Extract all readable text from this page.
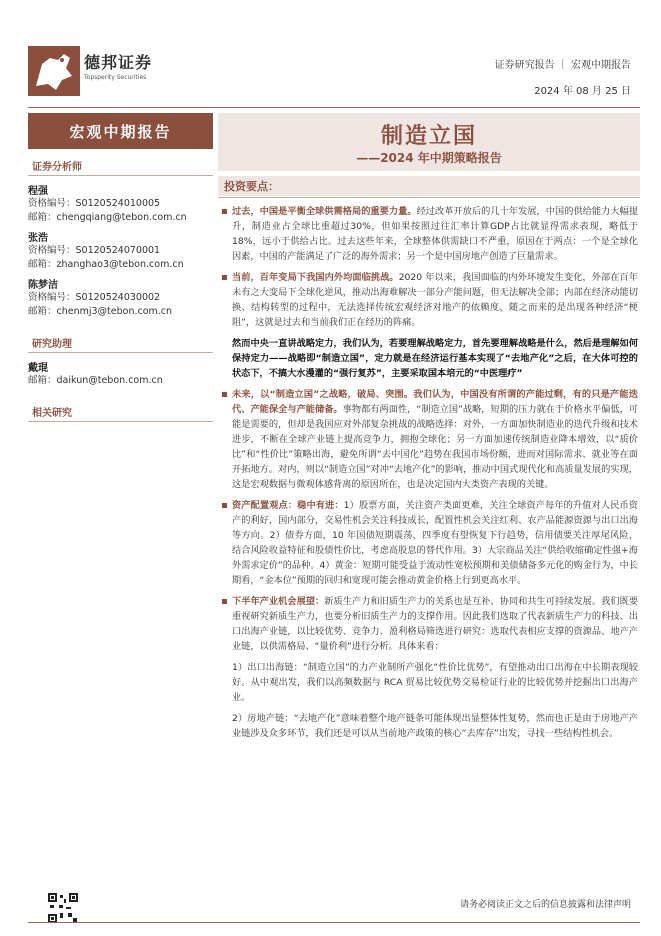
德邦证券
Topsperity Securities
证券研究报告 ｜ 宏观中期报告
2024 年 08 月 25 日
宏观中期报告	制造立国
——2024 年中期策略报告
证券分析师
程强
资格编号：S0120524010005
邮箱：chengqiang@tebon.com.cn
张浩
资格编号：S0120524070001
邮箱：zhanghao3@tebon.com.cn
陈梦洁
资格编号：S0120524030002
邮箱：chenmj3@tebon.com.cn
研究助理
戴琨
邮箱：daikun@tebon.com.cn
相关研究
投资要点：
过去，中国是平衡全球供需格局的重要力量。经过改革开放后的几十年发展，中国的供给能力大幅提升，制造业占全球比重超过30%，但如果按照过往汇率计算GDP占比就显得需求表现，略低于 18%，远小于供给占比。过去这些年来，全球整体供需缺口不严重，原因在于两点：一个是全球化因素，中国的产能满足了广泛的海外需求；另一个是中国房地产创造了巨量需求。
当前，百年变局下我国内外均面临挑战。2020 年以来，我国面临的内外环境发生变化，外部在百年未有之大变局下全球化逆风，推动出海难解决一部分产能问题，但无法解决全部；内部在经济动能切换、结构转型的过程中，无法选择传统宏观经济对地产的依赖度，随之而来的是出现各种经济“梗阻”，这就是过去和当前我们正在经历的阵痛。
然而中央一直讲战略定力，我们认为，若要理解战略定力，首先要理解战略是什么，然后是理解如何保持定力——战略即“制造立国”，定力就是在经济运行基本实现了“去地产化”之后，在大体可控的状态下，不搞大水漫灌的“强行复苏”，主要采取国本培元的“中医理疗”
未来，以“制造立国”之战略，破局、突围。我们认为，中国没有所谓的产能过剩，有的只是产能迭代、产能保全与产能储备。事物都有两面性，“制造立国”战略，短期的压力就在于价格水平偏低，可能是需要的，但却是我国应对外部复杂挑战的战略选择：对外，一方面加快制造业的迭代升级和技术进步，不断在全球产业链上提高竞争力，拥抱全球化；另一方面加速传统制造业降本增效，以“质价比”和“性价比”策略出海，避免所谓“去中国化”趋势在我国市场份额，进而对国际需求、就业等在面开拓地方。对内，则以“制造立国”对冲“去地产化”的影响，推动中国式现代化和高质量发展的实现，这是宏观数据与微观体感背离的原因所在，也是决定国内大类资产表现的关键。
资产配置观点：稳中有进：1）股票方面，关注资产类面更难，关注全球资产每年的升值对人民币资产的利好，国内部分，交易性机会关注科技成长，配置性机会关注红利、农产品能源资源与出口出海等方向。2）债券方面，10 年国债短期震荡，四季度有望恢复下行趋势，信用债要关注厚尾风险，结合风险收益特征和股债性价比，考虑高股息的替代作用。3）大宗商品关注“供给收缩确定性强+海外需求定价”的品种。4）黄金：短期可能受益于流动性宽松预期和美债储备多元化的购金行为，中长期看，“金本位”预期的回归和宽现可能会推动黄金价格上行到更高水平。
下半年产业机会展望：新质生产力和旧质生产力的关系也是互补、协同和共生可持续发展。我们既要重视研究新质生产力，也要分析旧质生产力的支撑作用。因此我们选取了代表新质生产力的科技、出口出海产业链，以比较优势、竞争力、盈利格局筛选进行研究：选取代表相应支撑的资源品、地产产业链，以供需格局、“量价利”进行分析。具体来看：
1）出口出海链：“制造立国”的力产业制所产强化“性价比优势”，有望推动出口出海在中长期表现较好。从中观出发，我们以高频数据与 RCA 贸易比较优势交易检证行业的比较优势并挖掘出口出海产业。
2）房地产链：“去地产化”意味着整个地产链条可能体现出显整体性复势，然而也正是由于房地产产业链涉及众多环节，我们还是可以从当前地产政策的核心“去库存”出发，寻找一些结构性机会。
请务必阅读正文之后的信息披露和法律声明
